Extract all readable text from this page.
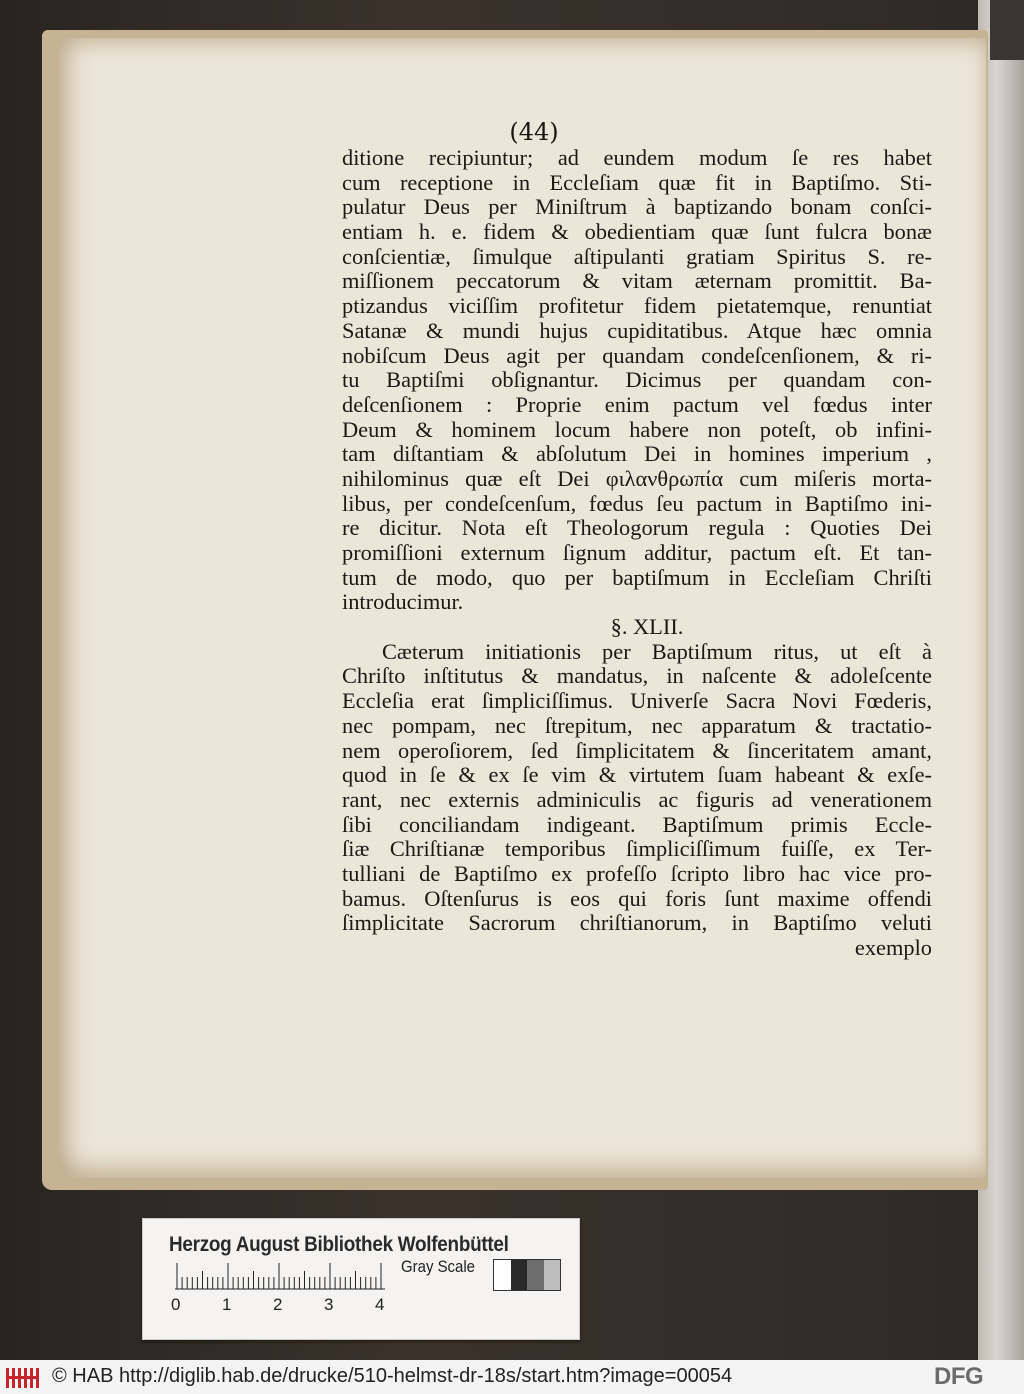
(44)
ditione recipiuntur; ad eundem modum ſe res habet
cum receptione in Eccleſiam quæ fit in Baptiſmo. Sti-
pulatur Deus per Miniſtrum à baptizando bonam conſci-
entiam h. e. fidem & obedientiam quæ ſunt fulcra bonæ
conſcientiæ, ſimulque aſtipulanti gratiam Spiritus S. re-
miſſionem peccatorum & vitam æternam promittit. Ba-
ptizandus viciſſim profitetur fidem pietatemque, renuntiat
Satanæ & mundi hujus cupiditatibus. Atque hæc omnia
nobiſcum Deus agit per quandam condeſcenſionem, & ri-
tu Baptiſmi obſignantur. Dicimus per quandam con-
deſcenſionem : Proprie enim pactum vel fœdus inter
Deum & hominem locum habere non poteſt, ob infini-
tam diſtantiam & abſolutum Dei in homines imperium ,
nihilominus quæ eſt Dei φιλανθρωπία cum miſeris morta-
libus, per condeſcenſum, fœdus ſeu pactum in Baptiſmo ini-
re dicitur. Nota eſt Theologorum regula : Quoties Dei
promiſſioni externum ſignum additur, pactum eſt. Et tan-
tum de modo, quo per baptiſmum in Eccleſiam Chriſti
introducimur.
§. XLII.
Cæterum initiationis per Baptiſmum ritus, ut eſt à
Chriſto inſtitutus & mandatus, in naſcente & adoleſcente
Eccleſia erat ſimpliciſſimus. Univerſe Sacra Novi Fœderis,
nec pompam, nec ſtrepitum, nec apparatum & tractatio-
nem operoſiorem, ſed ſimplicitatem & ſinceritatem amant,
quod in ſe & ex ſe vim & virtutem ſuam habeant & exſe-
rant, nec externis adminiculis ac figuris ad venerationem
ſibi conciliandam indigeant. Baptiſmum primis Eccle-
ſiæ Chriſtianæ temporibus ſimpliciſſimum fuiſſe, ex Ter-
tulliani de Baptiſmo ex profeſſo ſcripto libro hac vice pro-
bamus. Oſtenſurus is eos qui foris ſunt maxime offendi
ſimplicitate Sacrorum chriſtianorum, in Baptiſmo veluti
exemplo
Herzog August Bibliothek Wolfenbüttel
0 1 2 3 4
Gray Scale
© HAB http://diglib.hab.de/drucke/510-helmst-dr-18s/start.htm?image=00054	DFG
